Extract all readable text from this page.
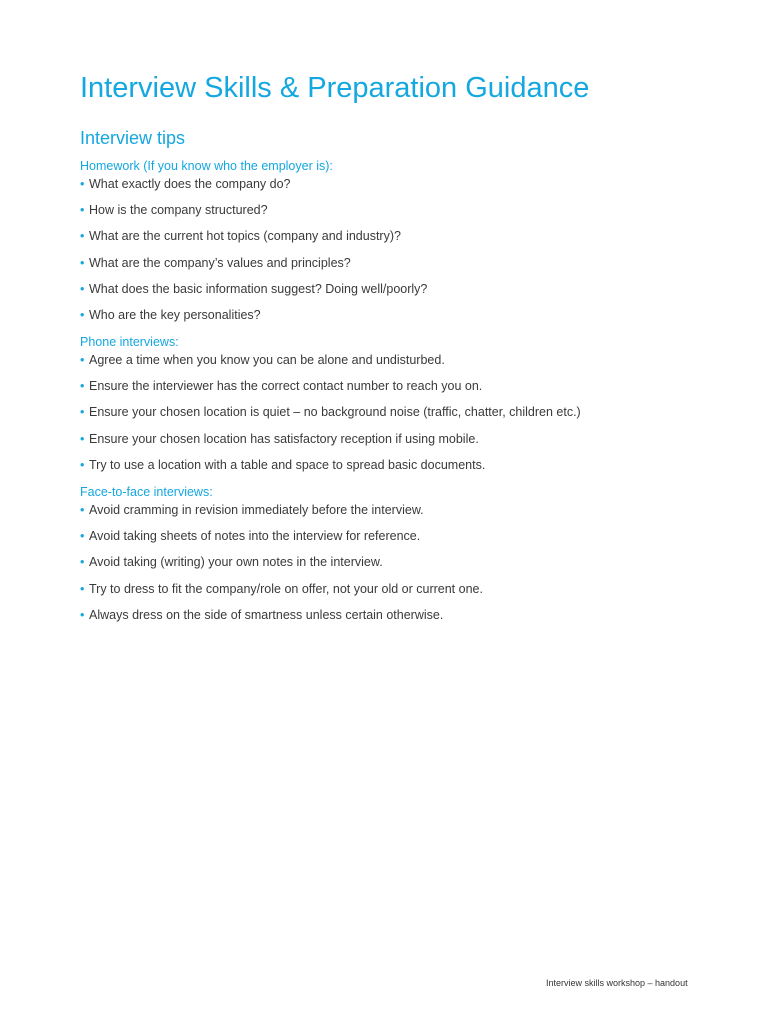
Interview Skills & Preparation Guidance
Interview tips

Homework (If you know who the employer is):

• What exactly does the company do?
• How is the company structured?
• What are the current hot topics (company and industry)?
• What are the company’s values and principles?
• What does the basic information suggest? Doing well/poorly?
• Who are the key personalities?

Phone interviews:

• Agree a time when you know you can be alone and undisturbed.
• Ensure the interviewer has the correct contact number to reach you on.
• Ensure your chosen location is quiet – no background noise (traffic, chatter, children etc.)
• Ensure your chosen location has satisfactory reception if using mobile.
• Try to use a location with a table and space to spread basic documents.

Face-to-face interviews:

• Avoid cramming in revision immediately before the interview.
• Avoid taking sheets of notes into the interview for reference.
• Avoid taking (writing) your own notes in the interview.
• Try to dress to fit the company/role on offer, not your old or current one.
• Always dress on the side of smartness unless certain otherwise.
Interview skills workshop – handout
